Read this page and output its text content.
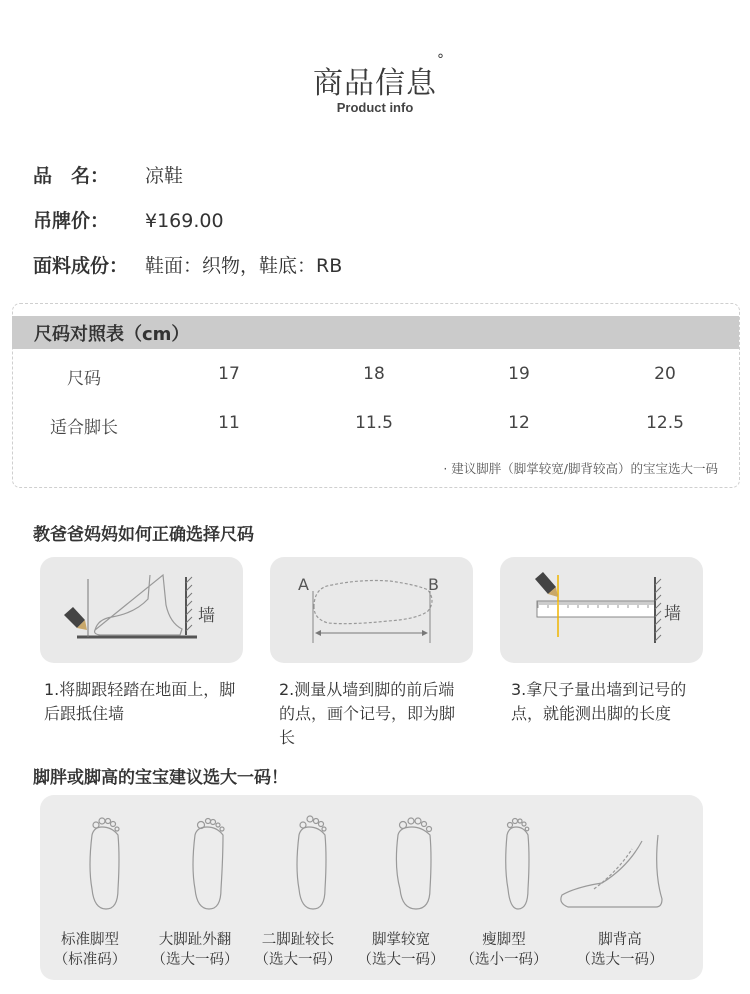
商品信息
°
Product info
品　名： 凉鞋
吊牌价： ¥169.00
面料成份： 鞋面：织物，鞋底：RB
尺码对照表（cm）
尺码	17	18	19	20
适合脚长	11	11.5	12	12.5
· 建议脚胖（脚掌较宽/脚背较高）的宝宝选大一码
教爸爸妈妈如何正确选择尺码
墙
A	B
墙
1.将脚跟轻踏在地面上，脚后跟抵住墙
2.测量从墙到脚的前后端的点，画个记号，即为脚长
3.拿尺子量出墙到记号的点，就能测出脚的长度
脚胖或脚高的宝宝建议选大一码！
标准脚型
（标准码）
大脚趾外翻
（选大一码）
二脚趾较长
（选大一码）
脚掌较宽
（选大一码）
瘦脚型
（选小一码）
脚背高
（选大一码）
